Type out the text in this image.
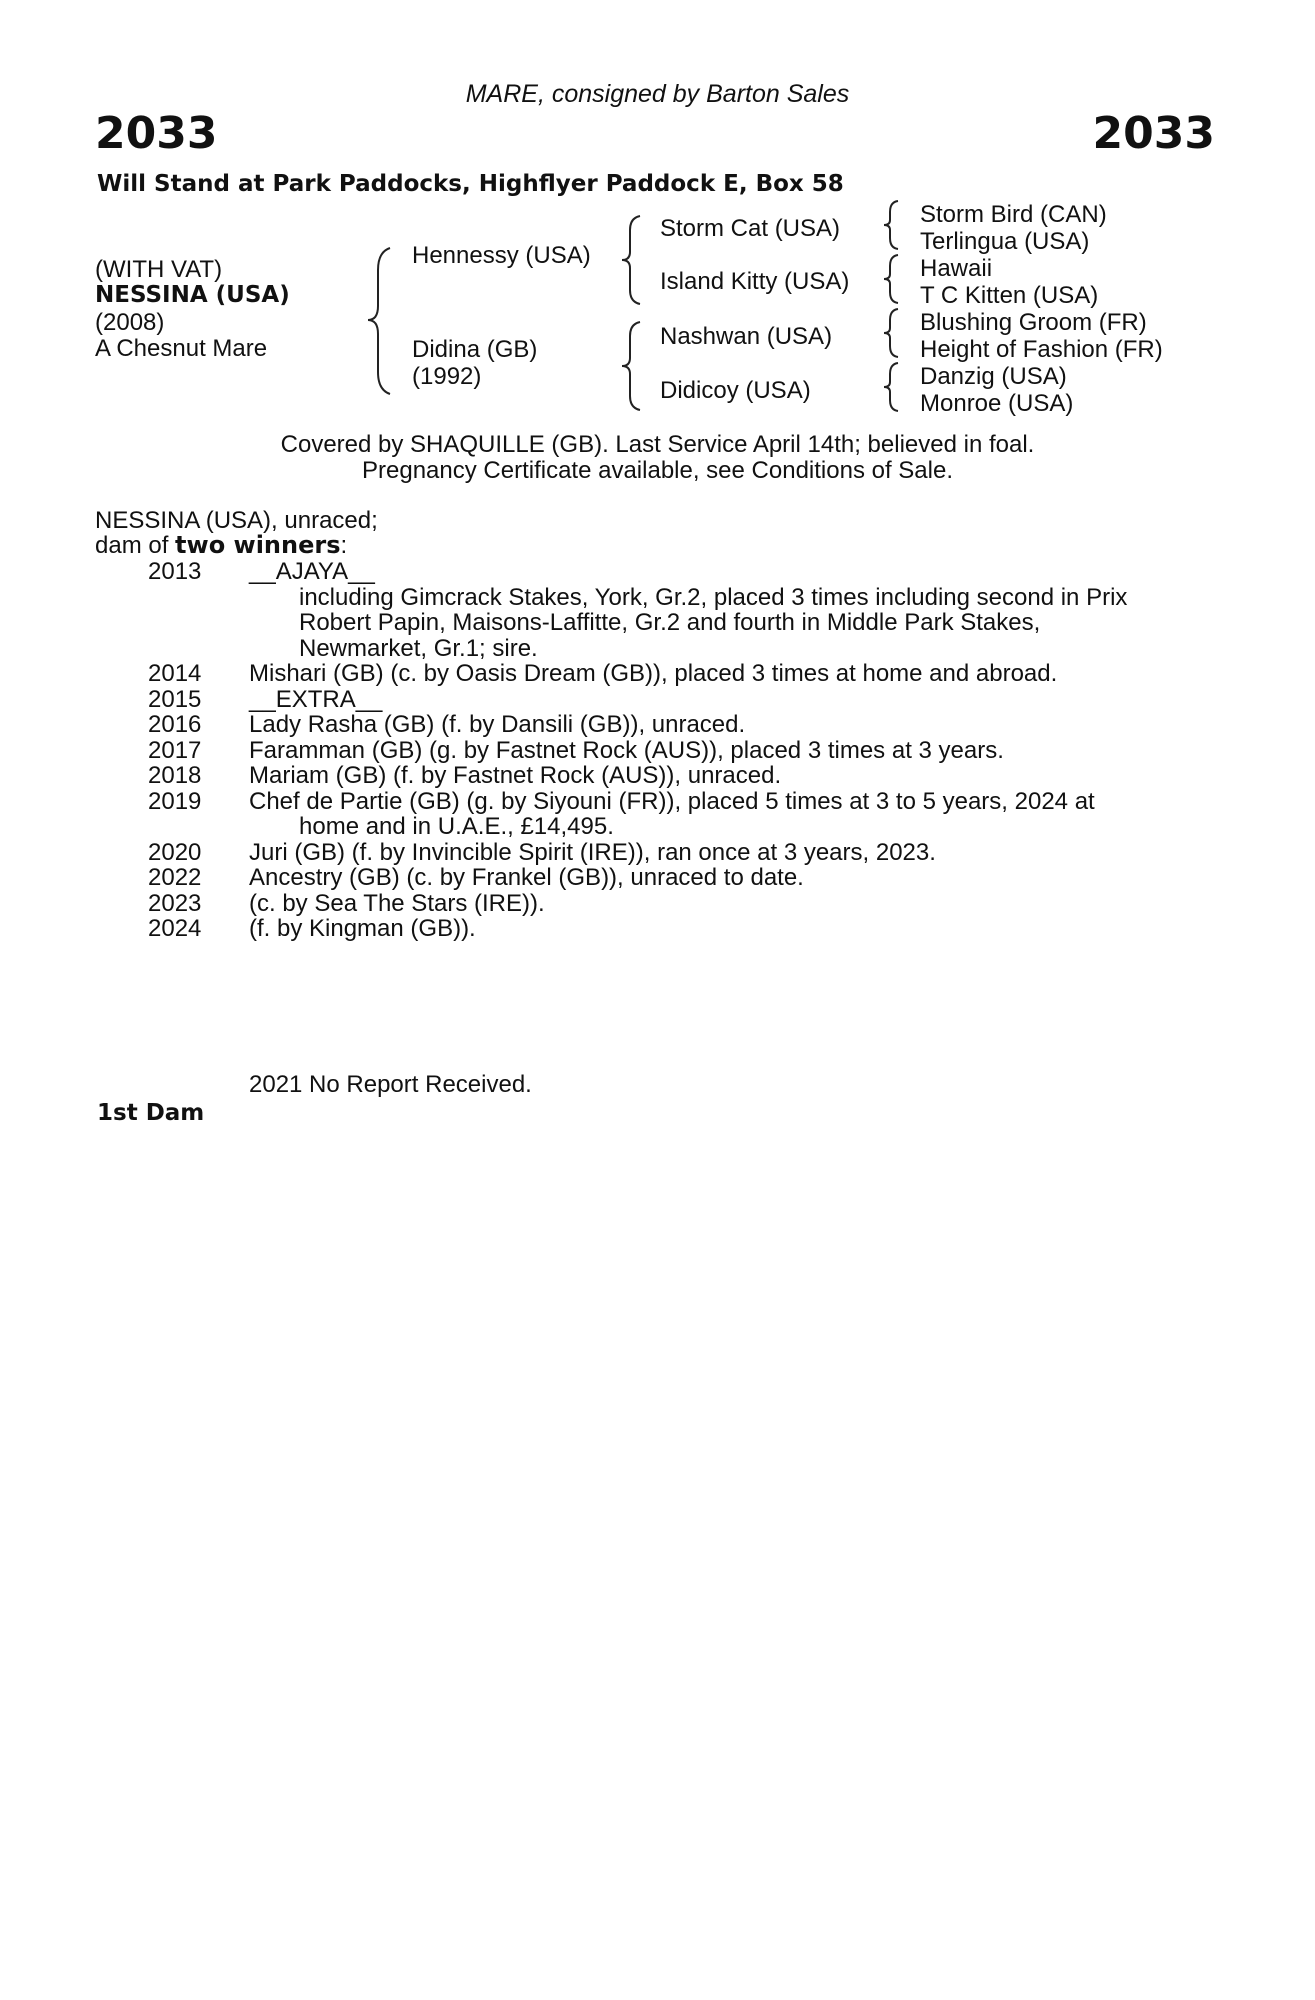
MARE, consigned by Barton Sales
2033	2033
Will Stand at Park Paddocks, Highflyer Paddock E, Box 58
(WITH VAT)
NESSINA (USA)
(2008)
A Chesnut Mare
Hennessy (USA)
Didina (GB)
(1992)
Storm Cat (USA)
Island Kitty (USA)
Nashwan (USA)
Didicoy (USA)
Storm Bird (CAN)
Terlingua (USA)
Hawaii
T C Kitten (USA)
Blushing Groom (FR)
Height of Fashion (FR)
Danzig (USA)
Monroe (USA)
Covered by SHAQUILLE (GB). Last Service April 14th; believed in foal.
Pregnancy Certificate available, see Conditions of Sale.
NESSINA (USA), unraced;
dam of two winners:
2013 __AJAYA__
including Gimcrack Stakes, York, Gr.2, placed 3 times including second in Prix
Robert Papin, Maisons-Laffitte, Gr.2 and fourth in Middle Park Stakes,
Newmarket, Gr.1; sire.
2014 Mishari (GB) (c. by Oasis Dream (GB)), placed 3 times at home and abroad.
2015 __EXTRA__
2016 Lady Rasha (GB) (f. by Dansili (GB)), unraced.
2017 Faramman (GB) (g. by Fastnet Rock (AUS)), placed 3 times at 3 years.
2018 Mariam (GB) (f. by Fastnet Rock (AUS)), unraced.
2019 Chef de Partie (GB) (g. by Siyouni (FR)), placed 5 times at 3 to 5 years, 2024 at
home and in U.A.E., £14,495.
2020 Juri (GB) (f. by Invincible Spirit (IRE)), ran once at 3 years, 2023.
2022 Ancestry (GB) (c. by Frankel (GB)), unraced to date.
2023 (c. by Sea The Stars (IRE)).
2024 (f. by Kingman (GB)).
2021 No Report Received.
1st Dam
